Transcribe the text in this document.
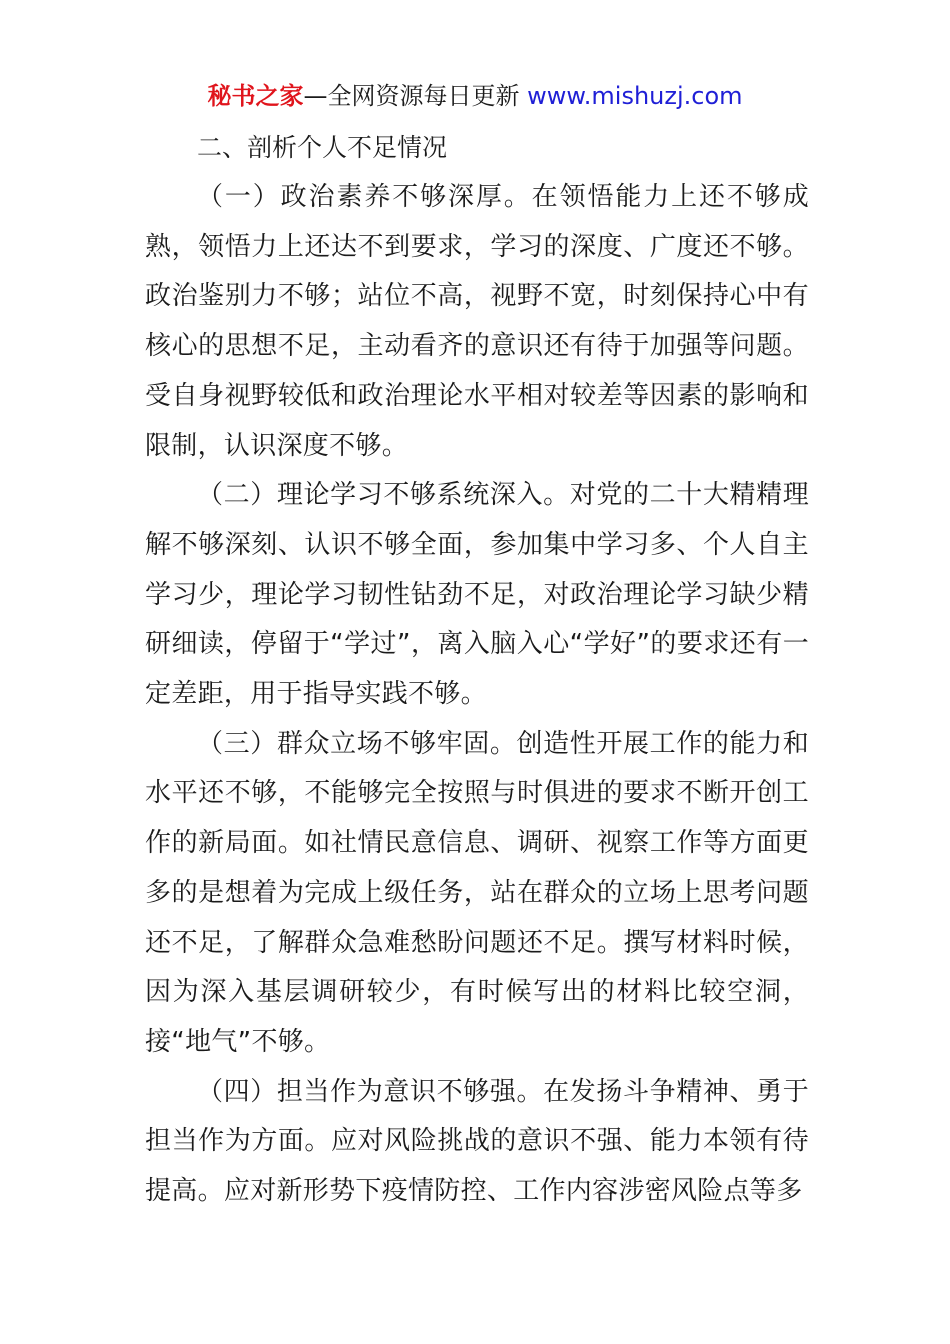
秘书之家—全网资源每日更新 www.mishuzj.com

二、剖析个人不足情况

（一）政治素养不够深厚。在领悟能力上还不够成熟，领悟力上还达不到要求，学习的深度、广度还不够。政治鉴别力不够；站位不高，视野不宽，时刻保持心中有核心的思想不足，主动看齐的意识还有待于加强等问题。受自身视野较低和政治理论水平相对较差等因素的影响和限制，认识深度不够。

（二）理论学习不够系统深入。对党的二十大精精理解不够深刻、认识不够全面，参加集中学习多、个人自主学习少，理论学习韧性钻劲不足，对政治理论学习缺少精研细读，停留于“学过”，离入脑入心“学好”的要求还有一定差距，用于指导实践不够。

（三）群众立场不够牢固。创造性开展工作的能力和水平还不够，不能够完全按照与时俱进的要求不断开创工作的新局面。如社情民意信息、调研、视察工作等方面更多的是想着为完成上级任务，站在群众的立场上思考问题还不足，了解群众急难愁盼问题还不足。撰写材料时候，因为深入基层调研较少，有时候写出的材料比较空洞，接“地气”不够。

（四）担当作为意识不够强。在发扬斗争精神、勇于担当作为方面。应对风险挑战的意识不强、能力本领有待提高。应对新形势下疫情防控、工作内容涉密风险点等多
